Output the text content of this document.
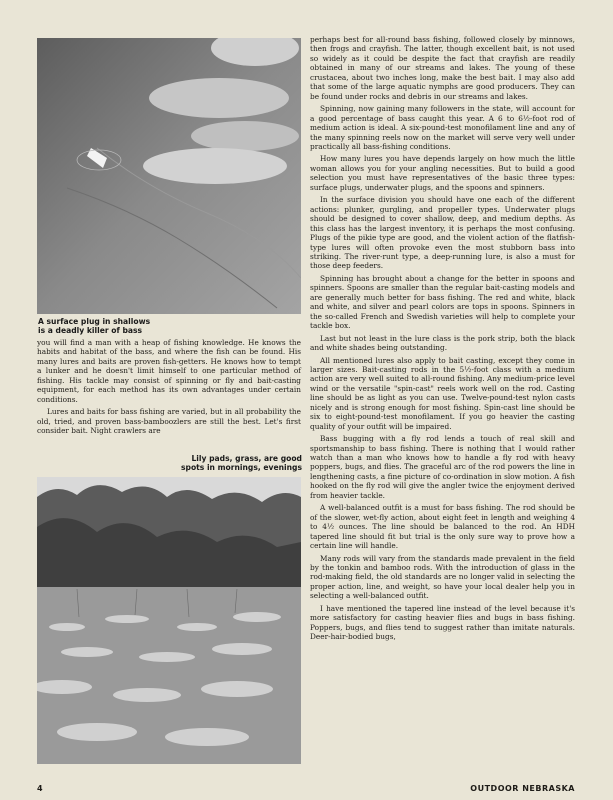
A surface plug in shallows
is a deadly killer of bass

you will find a man with a heap of fishing knowledge. He knows the habits and habitat of the bass, and where the fish can be found. His many lures and baits are proven fish-getters. He knows how to tempt a lunker and he doesn't limit himself to one particular method of fishing. His tackle may consist of spinning or fly and bait-casting equipment, for each method has its own advantages under certain conditions.

Lures and baits for bass fishing are varied, but in all probability the old, tried, and proven bass-bamboozlers are still the best. Let's first consider bait. Night crawlers are

Lily pads, grass, are good
spots in mornings, evenings

perhaps best for all-round bass fishing, followed closely by minnows, then frogs and crayfish. The latter, though excellent bait, is not used so widely as it could be despite the fact that crayfish are readily obtained in many of our streams and lakes. The young of these crustacea, about two inches long, make the best bait. I may also add that some of the large aquatic nymphs are good producers. They can be found under rocks and debris in our streams and lakes.

Spinning, now gaining many followers in the state, will account for a good percentage of bass caught this year. A 6 to 6½-foot rod of medium action is ideal. A six-pound-test monofilament line and any of the many spinning reels now on the market will serve very well under practically all bass-fishing conditions.

How many lures you have depends largely on how much the little woman allows you for your angling necessities. But to build a good selection you must have representatives of the basic three types: surface plugs, underwater plugs, and the spoons and spinners.

In the surface division you should have one each of the different actions: plunker, gurgling, and propeller types. Underwater plugs should be designed to cover shallow, deep, and medium depths. As this class has the largest inventory, it is perhaps the most confusing. Plugs of the pikie type are good, and the violent action of the flatfish-type lures will often provoke even the most stubborn bass into striking. The river-runt type, a deep-running lure, is also a must for those deep feeders.

Spinning has brought about a change for the better in spoons and spinners. Spoons are smaller than the regular bait-casting models and are generally much better for bass fishing. The red and white, black and white, and silver and pearl colors are tops in spoons. Spinners in the so-called French and Swedish varieties will help to complete your tackle box.

Last but not least in the lure class is the pork strip, both the black and white shades being outstanding.

All mentioned lures also apply to bait casting, except they come in larger sizes. Bait-casting rods in the 5½-foot class with a medium action are very well suited to all-round fishing. Any medium-price level wind or the versatile "spin-cast" reels work well on the rod. Casting line should be as light as you can use. Twelve-pound-test nylon casts nicely and is strong enough for most fishing. Spin-cast line should be six to eight-pound-test monofilament. If you go heavier the casting quality of your outfit will be impaired.

Bass bugging with a fly rod lends a touch of real skill and sportsmanship to bass fishing. There is nothing that I would rather watch than a man who knows how to handle a fly rod with heavy poppers, bugs, and flies. The graceful arc of the rod powers the line in lengthening casts, a fine picture of co-ordination in slow motion. A fish hooked on the fly rod will give the angler twice the enjoyment derived from heavier tackle.

A well-balanced outfit is a must for bass fishing. The rod should be of the slower, wet-fly action, about eight feet in length and weighing 4 to 4½ ounces. The line should be balanced to the rod. An HDH tapered line should fit but trial is the only sure way to prove how a certain line will handle.

Many rods will vary from the standards made prevalent in the field by the tonkin and bamboo rods. With the introduction of glass in the rod-making field, the old standards are no longer valid in selecting the proper action, line, and weight, so have your local dealer help you in selecting a well-balanced outfit.

I have mentioned the tapered line instead of the level because it's more satisfactory for casting heavier flies and bugs in bass fishing. Poppers, bugs, and flies tend to suggest rather than imitate naturals. Deer-hair-bodied bugs,

4	OUTDOOR NEBRASKA
